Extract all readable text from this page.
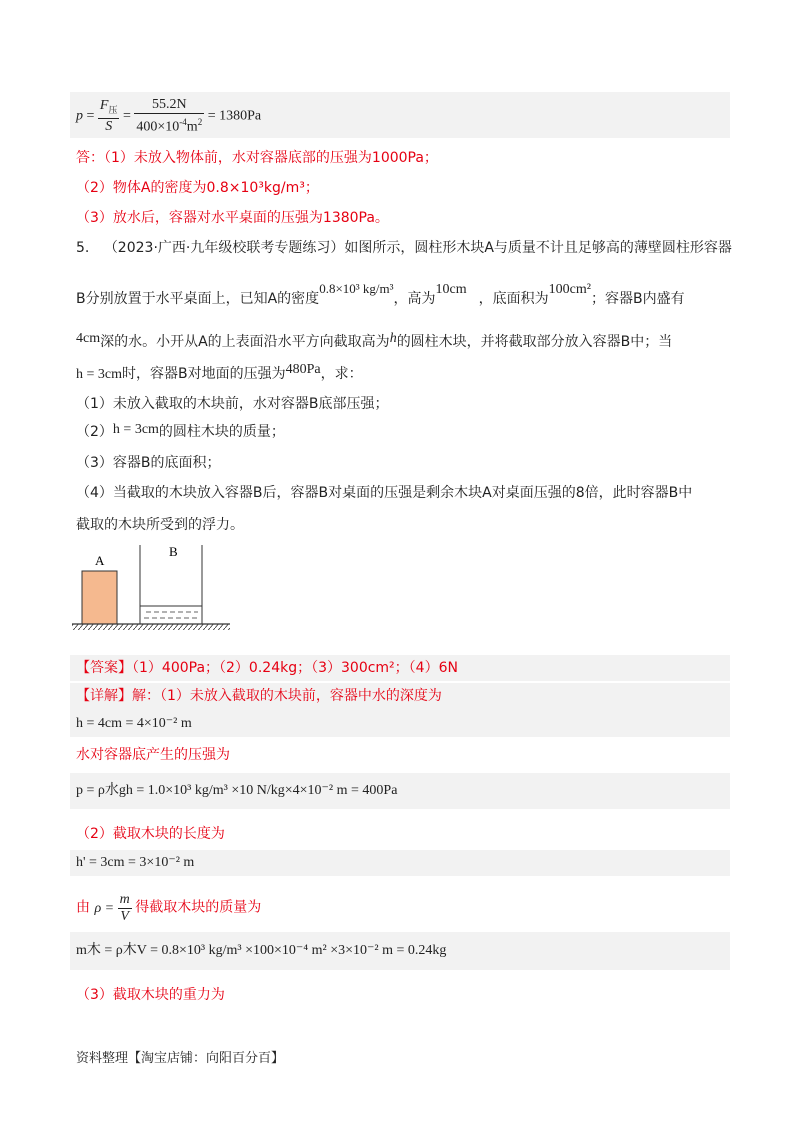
$p = \frac{F_压}{S} = \frac{55.2N}{400\times 10^{-4}m^2} = 1380Pa$
答：（1）未放入物体前，水对容器底部的压强为1000Pa；
（2）物体A的密度为0.8×10³kg/m³；
（3）放水后，容器对水平桌面的压强为1380Pa。
5. （2023·广西·九年级校联考专题练习）如图所示，圆柱形木块A与质量不计且足够高的薄壁圆柱形容器
B分别放置于水平桌面上，已知A的密度0.8×10³ kg/m³，高为10cm，底面积为100cm²；容器B内盛有
4cm深的水。小开从A的上表面沿水平方向截取高为h的圆柱木块，并将截取部分放入容器B中；当
h = 3cm时，容器B对地面的压强为480Pa，求：
（1）未放入截取的木块前，水对容器B底部压强；
（2）h = 3cm的圆柱木块的质量；
（3）容器B的底面积；
（4）当截取的木块放入容器B后，容器B对桌面的压强是剩余木块A对桌面压强的8倍，此时容器B中
截取的木块所受到的浮力。
A
B
【答案】（1）400Pa；（2）0.24kg；（3）300cm²；（4）6N
【详解】解：（1）未放入截取的木块前，容器中水的深度为
h = 4cm = 4×10⁻² m
水对容器底产生的压强为
p = ρ水gh = 1.0×10³ kg/m³ ×10 N/kg×4×10⁻² m = 400Pa
（2）截取木块的长度为
h' = 3cm = 3×10⁻² m
由 $\rho = \frac{m}{V}$ 得截取木块的质量为
m木 = ρ木V = 0.8×10³ kg/m³ ×100×10⁻⁴ m² ×3×10⁻² m = 0.24kg
（3）截取木块的重力为
资料整理【淘宝店铺：向阳百分百】
